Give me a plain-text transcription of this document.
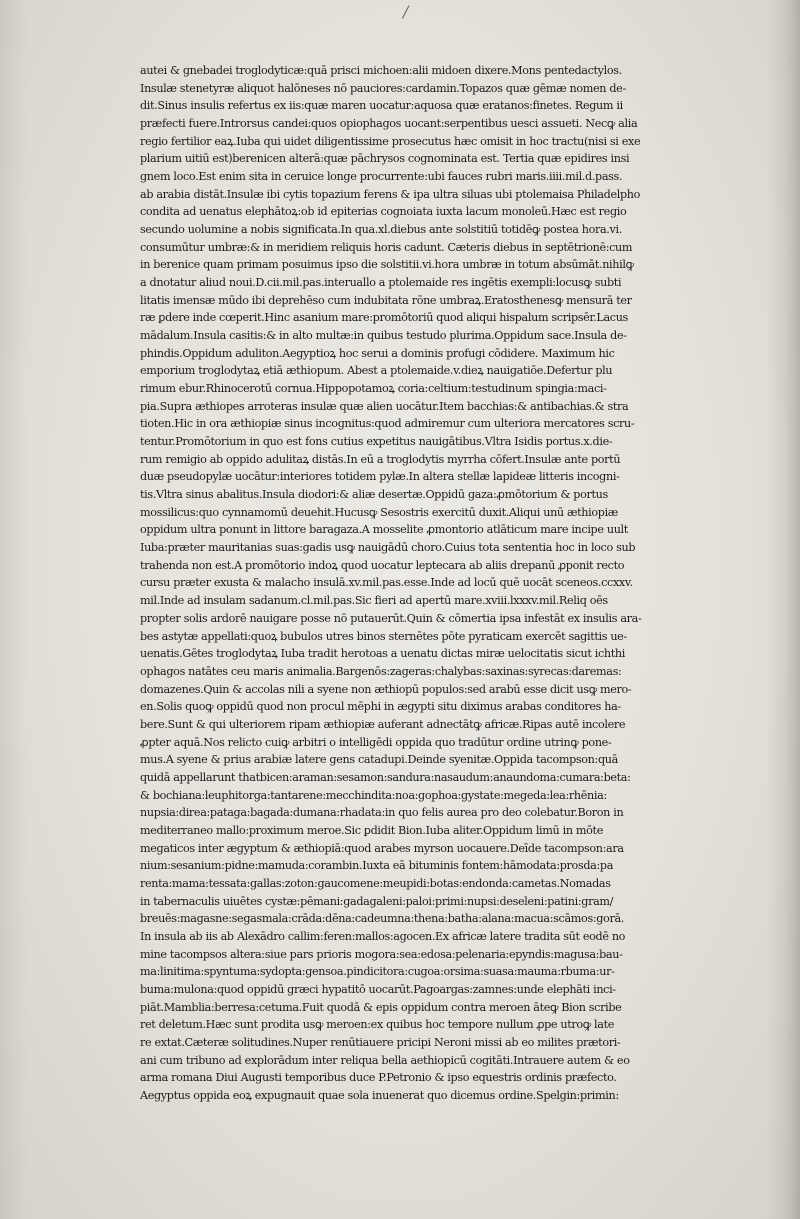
/
autei & gnebadei troglodyticæ:quā prisci michoen:alii midoen dixere.Mons pentedactylos.
Insulæ stenetyræ aliquot halōneses nō pauciores:cardamin.Topazos quæ gēmæ nomen de-
dit.Sinus insulis refertus ex iis:quæ maren uocatur:aquosa quæ eratanos:finetes. Regum ii
præfecti fuere.Introrsus candei:quos opiophagos uocant:serpentibus uesci assueti. Necꝙ alia
regio fertilior eaꝝ.Iuba qui uidet diligentissime prosecutus hæc omisit in hoc tractu(nisi si exe
plarium uitiū est)berenicen alterā:quæ pāchrysos cognominata est. Tertia quæ epidires insi
gnem loco.Est enim sita in ceruice longe procurrente:ubi fauces rubri maris.iiii.mil.d.pass.
ab arabia distāt.Insulæ ibi cytis topazium ferens & ipa ultra siluas ubi ptolemaisa Philadelpho
condita ad uenatus elephātoꝝ:ob id epiterias cognoiata iuxta lacum monoleū.Hæc est regio
secundo uolumine a nobis significata.In qua.xl.diebus ante solstitiū totidēꝙ postea hora.vi.
consumūtur umbræ:& in meridiem reliquis horis cadunt. Cæteris diebus in septētrionē:cum
in berenice quam primam posuimus ipso die solstitii.vi.hora umbræ in totum absūmāt.nihilꝙ
a dnotatur aliud noui.D.cii.mil.pas.interuallo a ptolemaide res ingētis exempli:locusꝙ subti
litatis imensæ mūdo ibi deprehēso cum indubitata rōne umbraꝝ.Eratosthenesꝙ mensurā ter
ræ ꝑdere inde cœperit.Hinc asanium mare:promōtoriū quod aliqui hispalum scripsēr.Lacus
mādalum.Insula casitis:& in alto multæ:in quibus testudo plurima.Oppidum sace.Insula de-
phindis.Oppidum aduliton.Aegyptioꝝ hoc serui a dominis profugi cōdidere. Maximum hic
emporium troglodytaꝝ etiā æthiopum. Abest a ptolemaide.v.dieꝝ nauigatiōe.Defertur plu
rimum ebur.Rhinocerotū cornua.Hippopotamoꝝ coria:celtium:testudinum spingia:maci-
pia.Supra æthiopes arroteras insulæ quæ alien uocātur.Item bacchias:& antibachias.& stra
tioten.Hic in ora æthiopiæ sinus incognitus:quod admiremur cum ulteriora mercatores scru-
tentur.Promōtorium in quo est fons cutius expetitus nauigātibus.Vltra Isidis portus.x.die-
rum remigio ab oppido adulitaꝝ distās.In eū a troglodytis myrrha cōfert.Insulæ ante portū
duæ pseudopylæ uocātur:interiores totidem pylæ.In altera stellæ lapideæ litteris incogni-
tis.Vltra sinus abalitus.Insula diodori:& aliæ desertæ.Oppidū gaza:ꝓmōtorium & portus
mossilicus:quo cynnamomū deuehit.Hucusꝙ Sesostris exercitū duxit.Aliqui unū æthiopiæ
oppidum ultra ponunt in littore baragaza.A mosselite ꝓmontorio atlāticum mare incipe uult
Iuba:præter mauritanias suas:gadis usꝙ nauigādū choro.Cuius tota sententia hoc in loco sub
trahenda non est.A promōtorio indoꝝ quod uocatur leptecara ab aliis drepanū ꝓponit recto
cursu præter exusta & malacho insulā.xv.mil.pas.esse.Inde ad locū quē uocāt sceneos.ccxxv.
mil.Inde ad insulam sadanum.cl.mil.pas.Sic fieri ad apertū mare.xviii.lxxxv.mil.Reliq oēs
propter solis ardorē nauigare posse nō putauerūt.Quin & cōmertia ipsa infestāt ex insulis ara-
bes astytæ appellati:quoꝝ bubulos utres binos sternētes pōte pyraticam exercēt sagittis ue-
uenatis.Gētes troglodytaꝝ Iuba tradit herotoas a uenatu dictas miræ uelocitatis sicut ichthi
ophagos natātes ceu maris animalia.Bargenōs:zageras:chalybas:saxinas:syrecas:daremas:
domazenes.Quin & accolas nili a syene non æthiopū populos:sed arabū esse dicit usꝙ mero-
en.Solis quoꝙ oppidū quod non procul mēphi in ægypti situ diximus arabas conditores ha-
bere.Sunt & qui ulteriorem ripam æthiopiæ auferant adnectātꝙ africæ.Ripas autē incolere
ꝓpter aquā.Nos relicto cuiꝙ arbitri o intelligēdi oppida quo tradūtur ordine utrinꝙ pone-
mus.A syene & prius arabiæ latere gens catadupi.Deinde syenitæ.Oppida tacompson:quā
quidā appellarunt thatbicen:araman:sesamon:sandura:nasaudum:anaundoma:cumara:beta:
& bochiana:leuphitorga:tantarene:mecchindita:noa:gophoa:gystate:megeda:lea:rhēnia:
nupsia:direa:pataga:bagada:dumana:rhadata:in quo felis aurea pro deo colebatur.Boron in
mediterraneo mallo:proximum meroe.Sic ꝑdidit Bion.Iuba aliter.Oppidum limū in mōte
megaticos inter ægyptum & æthiopiā:quod arabes myrson uocauere.Deīde tacompson:ara
nium:sesanium:pidne:mamuda:corambin.Iuxta eā bituminis fontem:hāmodata:prosda:pa
renta:mama:tessata:gallas:zoton:gaucomene:meupidi:botas:endonda:cametas.Nomadas
in tabernaculis uiuētes cystæ:pēmani:gadagaleni:paloi:primi:nupsi:deseleni:patini:gram/
breuēs:magasne:segasmala:crāda:dēna:cadeumna:thena:batha:alana:macua:scāmos:gorā.
In insula ab iis ab Alexādro callim:feren:mallos:agocen.Ex africæ latere tradita sūt eodē no
mine tacompsos altera:siue pars prioris mogora:sea:edosa:pelenaria:epyndis:magusa:bau-
ma:linitima:spyntuma:sydopta:gensoa.pindicitora:cugoa:orsima:suasa:mauma:rbuma:ur-
buma:mulona:quod oppidū græci hypatitō uocarūt.Pagoargas:zamnes:unde elephāti inci-
piāt.Mamblia:berresa:cetuma.Fuit quodā & epis oppidum contra meroen āteꝙ Bion scribe
ret deletum.Hæc sunt prodita usꝙ meroen:ex quibus hoc tempore nullum ꝓpe utroꝙ late
re extat.Cæteræ solitudines.Nuper renūtiauere pricipi Neroni missi ab eo milites prætori-
ani cum tribuno ad explorādum inter reliqua bella aethiopicū cogitāti.Intrauere autem & eo
arma romana Diui Augusti temporibus duce P.Petronio & ipso equestris ordinis præfecto.
Aegyptus oppida eoꝝ expugnauit quae sola inuenerat quo dicemus ordine.Spelgin:primin:
